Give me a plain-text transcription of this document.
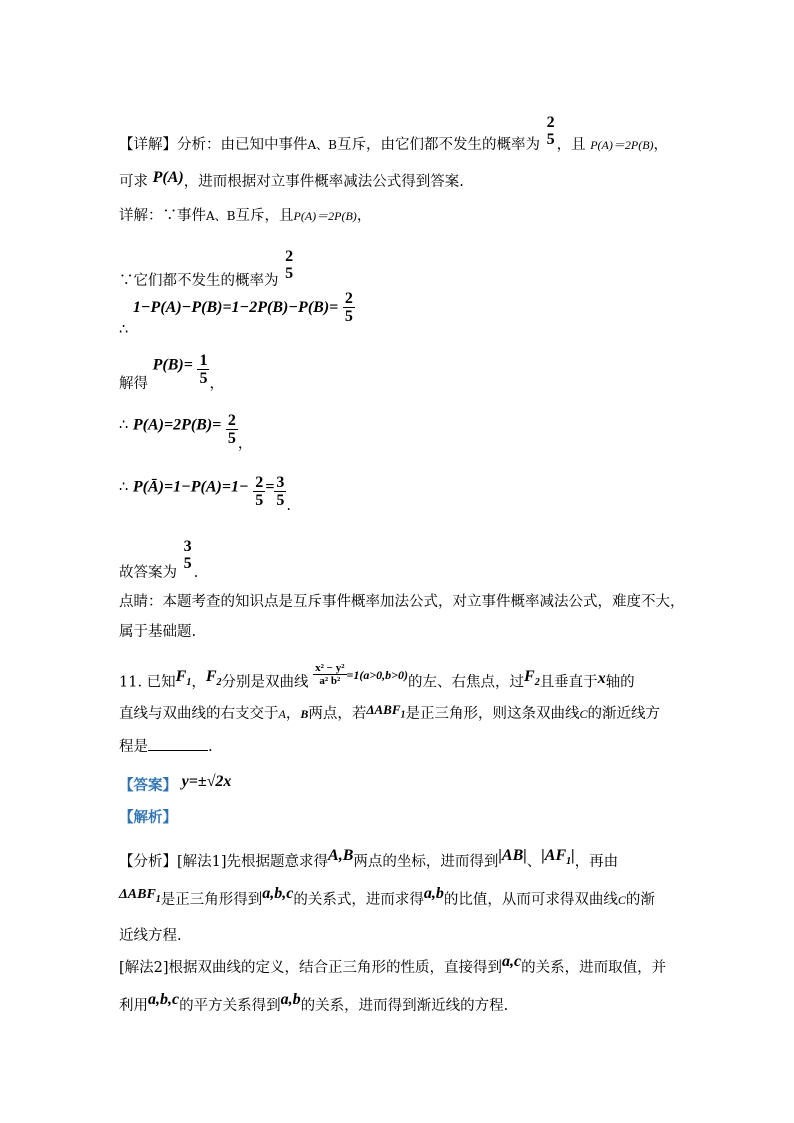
【详解】分析：由已知中事件A、B互斥，由它们都不发生的概率为
2
5 ，且 P(A)＝2P(B)，
可求 P(A)，进而根据对立事件概率减法公式得到答案.
详解：∵事件A、B互斥，且P(A)＝2P(B)，
∵它们都不发生的概率为
2
5
∴ $1-P(A)-P(B)=1-2P(B)-P(B)= \frac{2}{5}$
解得 $P(B)= \frac{1}{5}$ ，
∴ $P(A)=2P(B)= \frac{2}{5}$ ，
∴ P(Ā)=1−P(A)=1− $\frac{2}{5} = \frac{3}{5}$ .
故答案为
3
5
.
点睛：本题考查的知识点是互斥事件概率加法公式，对立事件概率减法公式，难度不大，
属于基础题.
11. 已知$F_1$，$F_2$分别是双曲线 $\frac{\text{x² − y²}}{\text{a² b²}} ^{=1(a>0,b>0)}$的左、右焦点，过$F_2$且垂直于x轴的
直线与双曲线的右支交于A，B两点，若$\Delta ABF_1$是正三角形，则这条双曲线C的渐近线方
程是	.
【答案】 y=±√2x
【解析】
【分析】[解法1]先根据题意求得A,B两点的坐标，进而得到|AB|、$|AF_1|$，再由
$\Delta ABF_1$是正三角形得到a,b,c的关系式，进而求得a,b的比值，从而可求得双曲线C的渐
近线方程.
[解法2]根据双曲线的定义，结合正三角形的性质，直接得到a,c的关系，进而取值，并
利用a,b,c的平方关系得到a,b的关系，进而得到渐近线的方程.
